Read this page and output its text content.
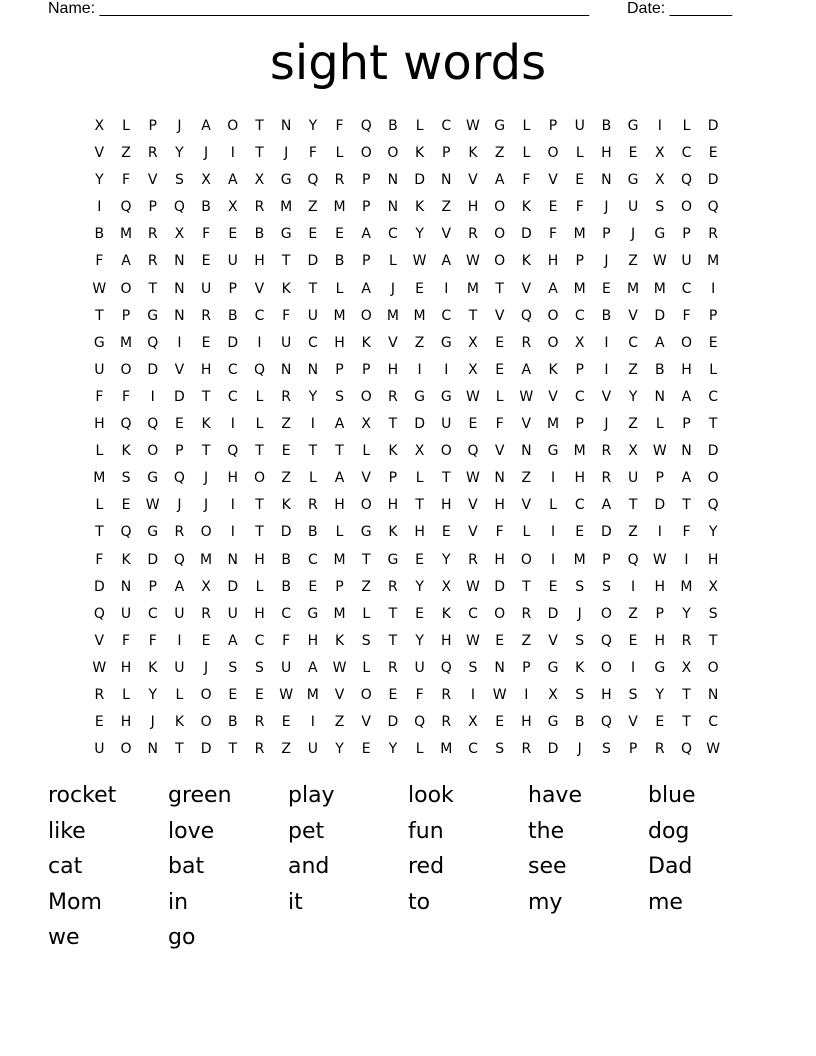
Name: _______________________________________________________ Date: _______
sight words
X	L	P	J	A	O	T	N	Y	F	Q	B	L	C	W	G	L	P	U	B	G	I	L	D
V	Z	R	Y	J	I	T	J	F	L	O	O	K	P	K	Z	L	O	L	H	E	X	C	E
Y	F	V	S	X	A	X	G	Q	R	P	N	D	N	V	A	F	V	E	N	G	X	Q	D
I	Q	P	Q	B	X	R	M	Z	M	P	N	K	Z	H	O	K	E	F	J	U	S	O	Q
B	M	R	X	F	E	B	G	E	E	A	C	Y	V	R	O	D	F	M	P	J	G	P	R
F	A	R	N	E	U	H	T	D	B	P	L	W	A	W	O	K	H	P	J	Z	W	U	M
W	O	T	N	U	P	V	K	T	L	A	J	E	I	M	T	V	A	M	E	M	M	C	I
T	P	G	N	R	B	C	F	U	M	O	M	M	C	T	V	Q	O	C	B	V	D	F	P
G	M	Q	I	E	D	I	U	C	H	K	V	Z	G	X	E	R	O	X	I	C	A	O	E
U	O	D	V	H	C	Q	N	N	P	P	H	I	I	X	E	A	K	P	I	Z	B	H	L
F	F	I	D	T	C	L	R	Y	S	O	R	G	G	W	L	W	V	C	V	Y	N	A	C
H	Q	Q	E	K	I	L	Z	I	A	X	T	D	U	E	F	V	M	P	J	Z	L	P	T
L	K	O	P	T	Q	T	E	T	T	L	K	X	O	Q	V	N	G	M	R	X	W	N	D
M	S	G	Q	J	H	O	Z	L	A	V	P	L	T	W	N	Z	I	H	R	U	P	A	O
L	E	W	J	J	I	T	K	R	H	O	H	T	H	V	H	V	L	C	A	T	D	T	Q
T	Q	G	R	O	I	T	D	B	L	G	K	H	E	V	F	L	I	E	D	Z	I	F	Y
F	K	D	Q	M	N	H	B	C	M	T	G	E	Y	R	H	O	I	M	P	Q	W	I	H
D	N	P	A	X	D	L	B	E	P	Z	R	Y	X	W	D	T	E	S	S	I	H	M	X
Q	U	C	U	R	U	H	C	G	M	L	T	E	K	C	O	R	D	J	O	Z	P	Y	S
V	F	F	I	E	A	C	F	H	K	S	T	Y	H	W	E	Z	V	S	Q	E	H	R	T
W	H	K	U	J	S	S	U	A	W	L	R	U	Q	S	N	P	G	K	O	I	G	X	O
R	L	Y	L	O	E	E	W M	V	O	E	F	R	I	W	I	X	S	H	S	Y	T	N
E	H	J	K	O	B	R	E	I	Z	V	D	Q	R	X	E	H	G	B	Q	V	E	T	C
U	O	N	T	D	T	R	Z	U	Y	E	Y	L	M	C	S	R	D	J	S	P	R	Q	W
rocket	green	play	look	have	blue
like	love	pet	fun	the	dog
cat	bat	and	red	see	Dad
Mom	in	it	to	my	me
we	go
